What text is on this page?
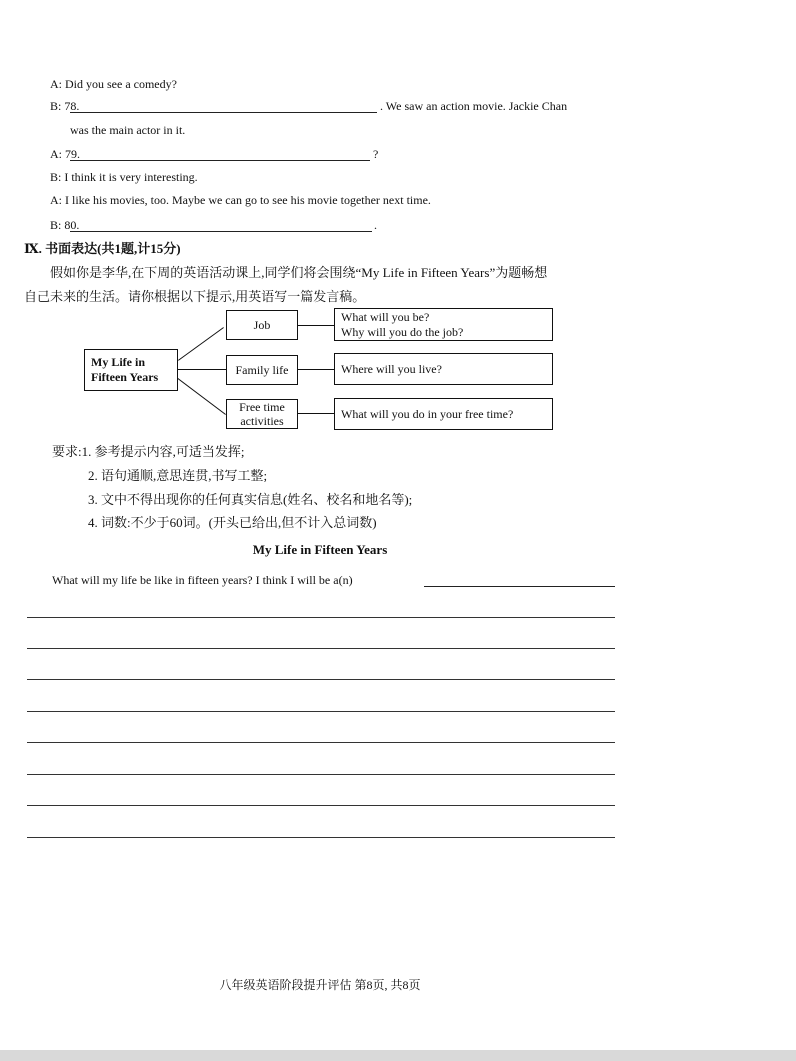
A: Did you see a comedy?
B: 78.	. We saw an action movie. Jackie Chan
was the main actor in it.
A: 79.	?
B: I think it is very interesting.
A: I like his movies, too. Maybe we can go to see his movie together next time.
B: 80.	.
Ⅸ. 书面表达(共1题,计15分)
假如你是李华,在下周的英语活动课上,同学们将会围绕“My Life in Fifteen Years”为题畅想
自己未来的生活。请你根据以下提示,用英语写一篇发言稿。
My Life in
Fifteen Years
Job
Family life
Free time
activities
What will you be?
Why will you do the job?
Where will you live?
What will you do in your free time?
要求:1. 参考提示内容,可适当发挥;
2. 语句通顺,意思连贯,书写工整;
3. 文中不得出现你的任何真实信息(姓名、校名和地名等);
4. 词数:不少于60词。(开头已给出,但不计入总词数)
My Life in Fifteen Years
What will my life be like in fifteen years? I think I will be a(n)
八年级英语阶段提升评估 第8页, 共8页
